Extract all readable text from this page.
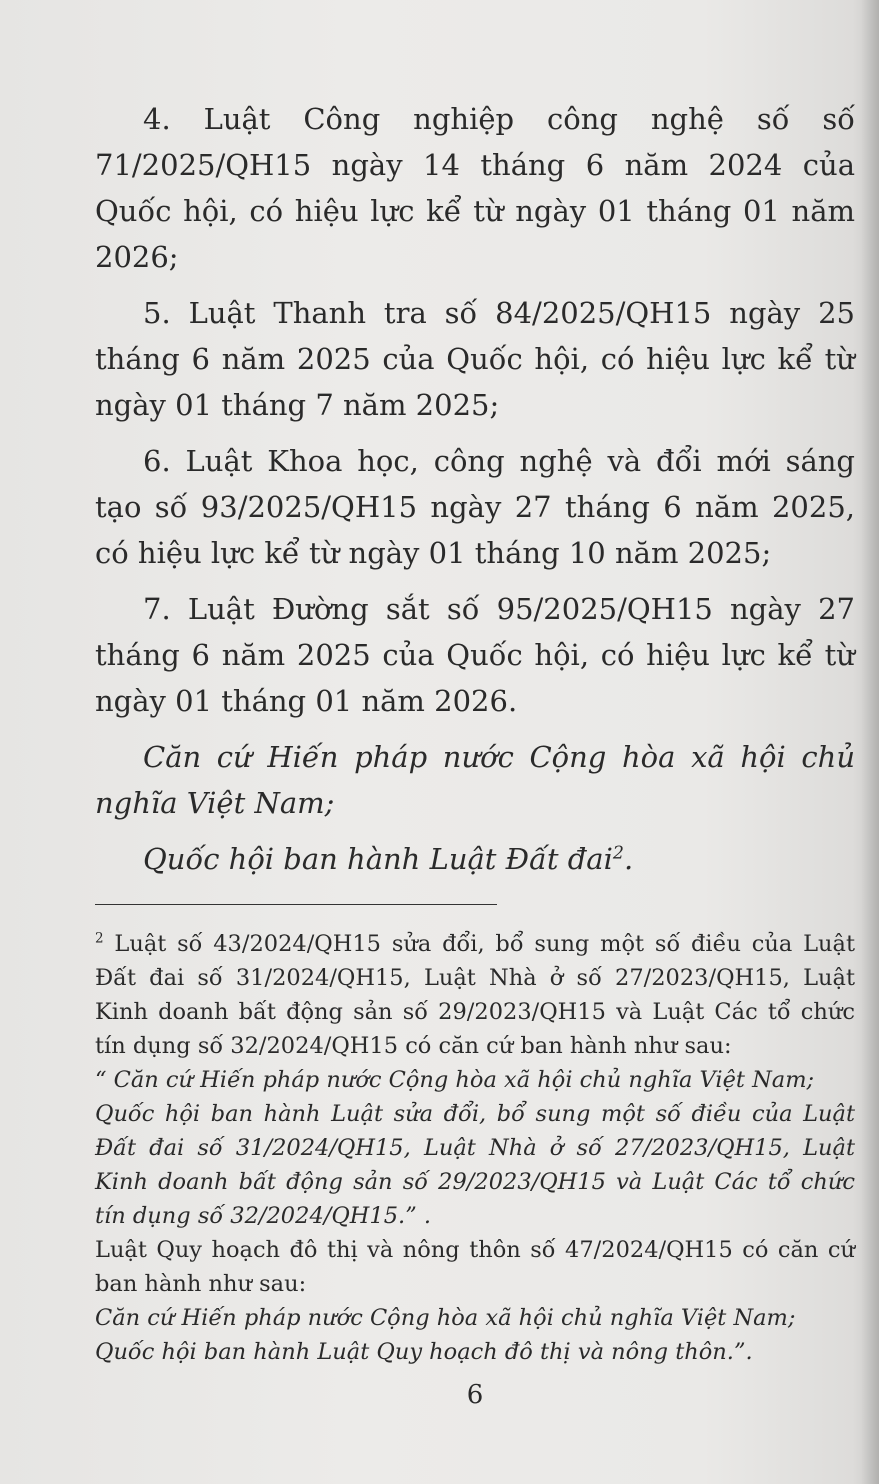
4. Luật Công nghiệp công nghệ số số 71/2025/QH15 ngày 14 tháng 6 năm 2024 của Quốc hội, có hiệu lực kể từ ngày 01 tháng 01 năm 2026;

5. Luật Thanh tra số 84/2025/QH15 ngày 25 tháng 6 năm 2025 của Quốc hội, có hiệu lực kể từ ngày 01 tháng 7 năm 2025;

6. Luật Khoa học, công nghệ và đổi mới sáng tạo số 93/2025/QH15 ngày 27 tháng 6 năm 2025, có hiệu lực kể từ ngày 01 tháng 10 năm 2025;

7. Luật Đường sắt số 95/2025/QH15 ngày 27 tháng 6 năm 2025 của Quốc hội, có hiệu lực kể từ ngày 01 tháng 01 năm 2026.

Căn cứ Hiến pháp nước Cộng hòa xã hội chủ nghĩa Việt Nam;

Quốc hội ban hành Luật Đất đai$^2$.

$^2$ Luật số 43/2024/QH15 sửa đổi, bổ sung một số điều của Luật Đất đai số 31/2024/QH15, Luật Nhà ở số 27/2023/QH15, Luật Kinh doanh bất động sản số 29/2023/QH15 và Luật Các tổ chức tín dụng số 32/2024/QH15 có căn cứ ban hành như sau:

“ Căn cứ Hiến pháp nước Cộng hòa xã hội chủ nghĩa Việt Nam;

Quốc hội ban hành Luật sửa đổi, bổ sung một số điều của Luật Đất đai số 31/2024/QH15, Luật Nhà ở số 27/2023/QH15, Luật Kinh doanh bất động sản số 29/2023/QH15 và Luật Các tổ chức tín dụng số 32/2024/QH15.” .

Luật Quy hoạch đô thị và nông thôn số 47/2024/QH15 có căn cứ ban hành như sau:

Căn cứ Hiến pháp nước Cộng hòa xã hội chủ nghĩa Việt Nam;

Quốc hội ban hành Luật Quy hoạch đô thị và nông thôn.”.

6
